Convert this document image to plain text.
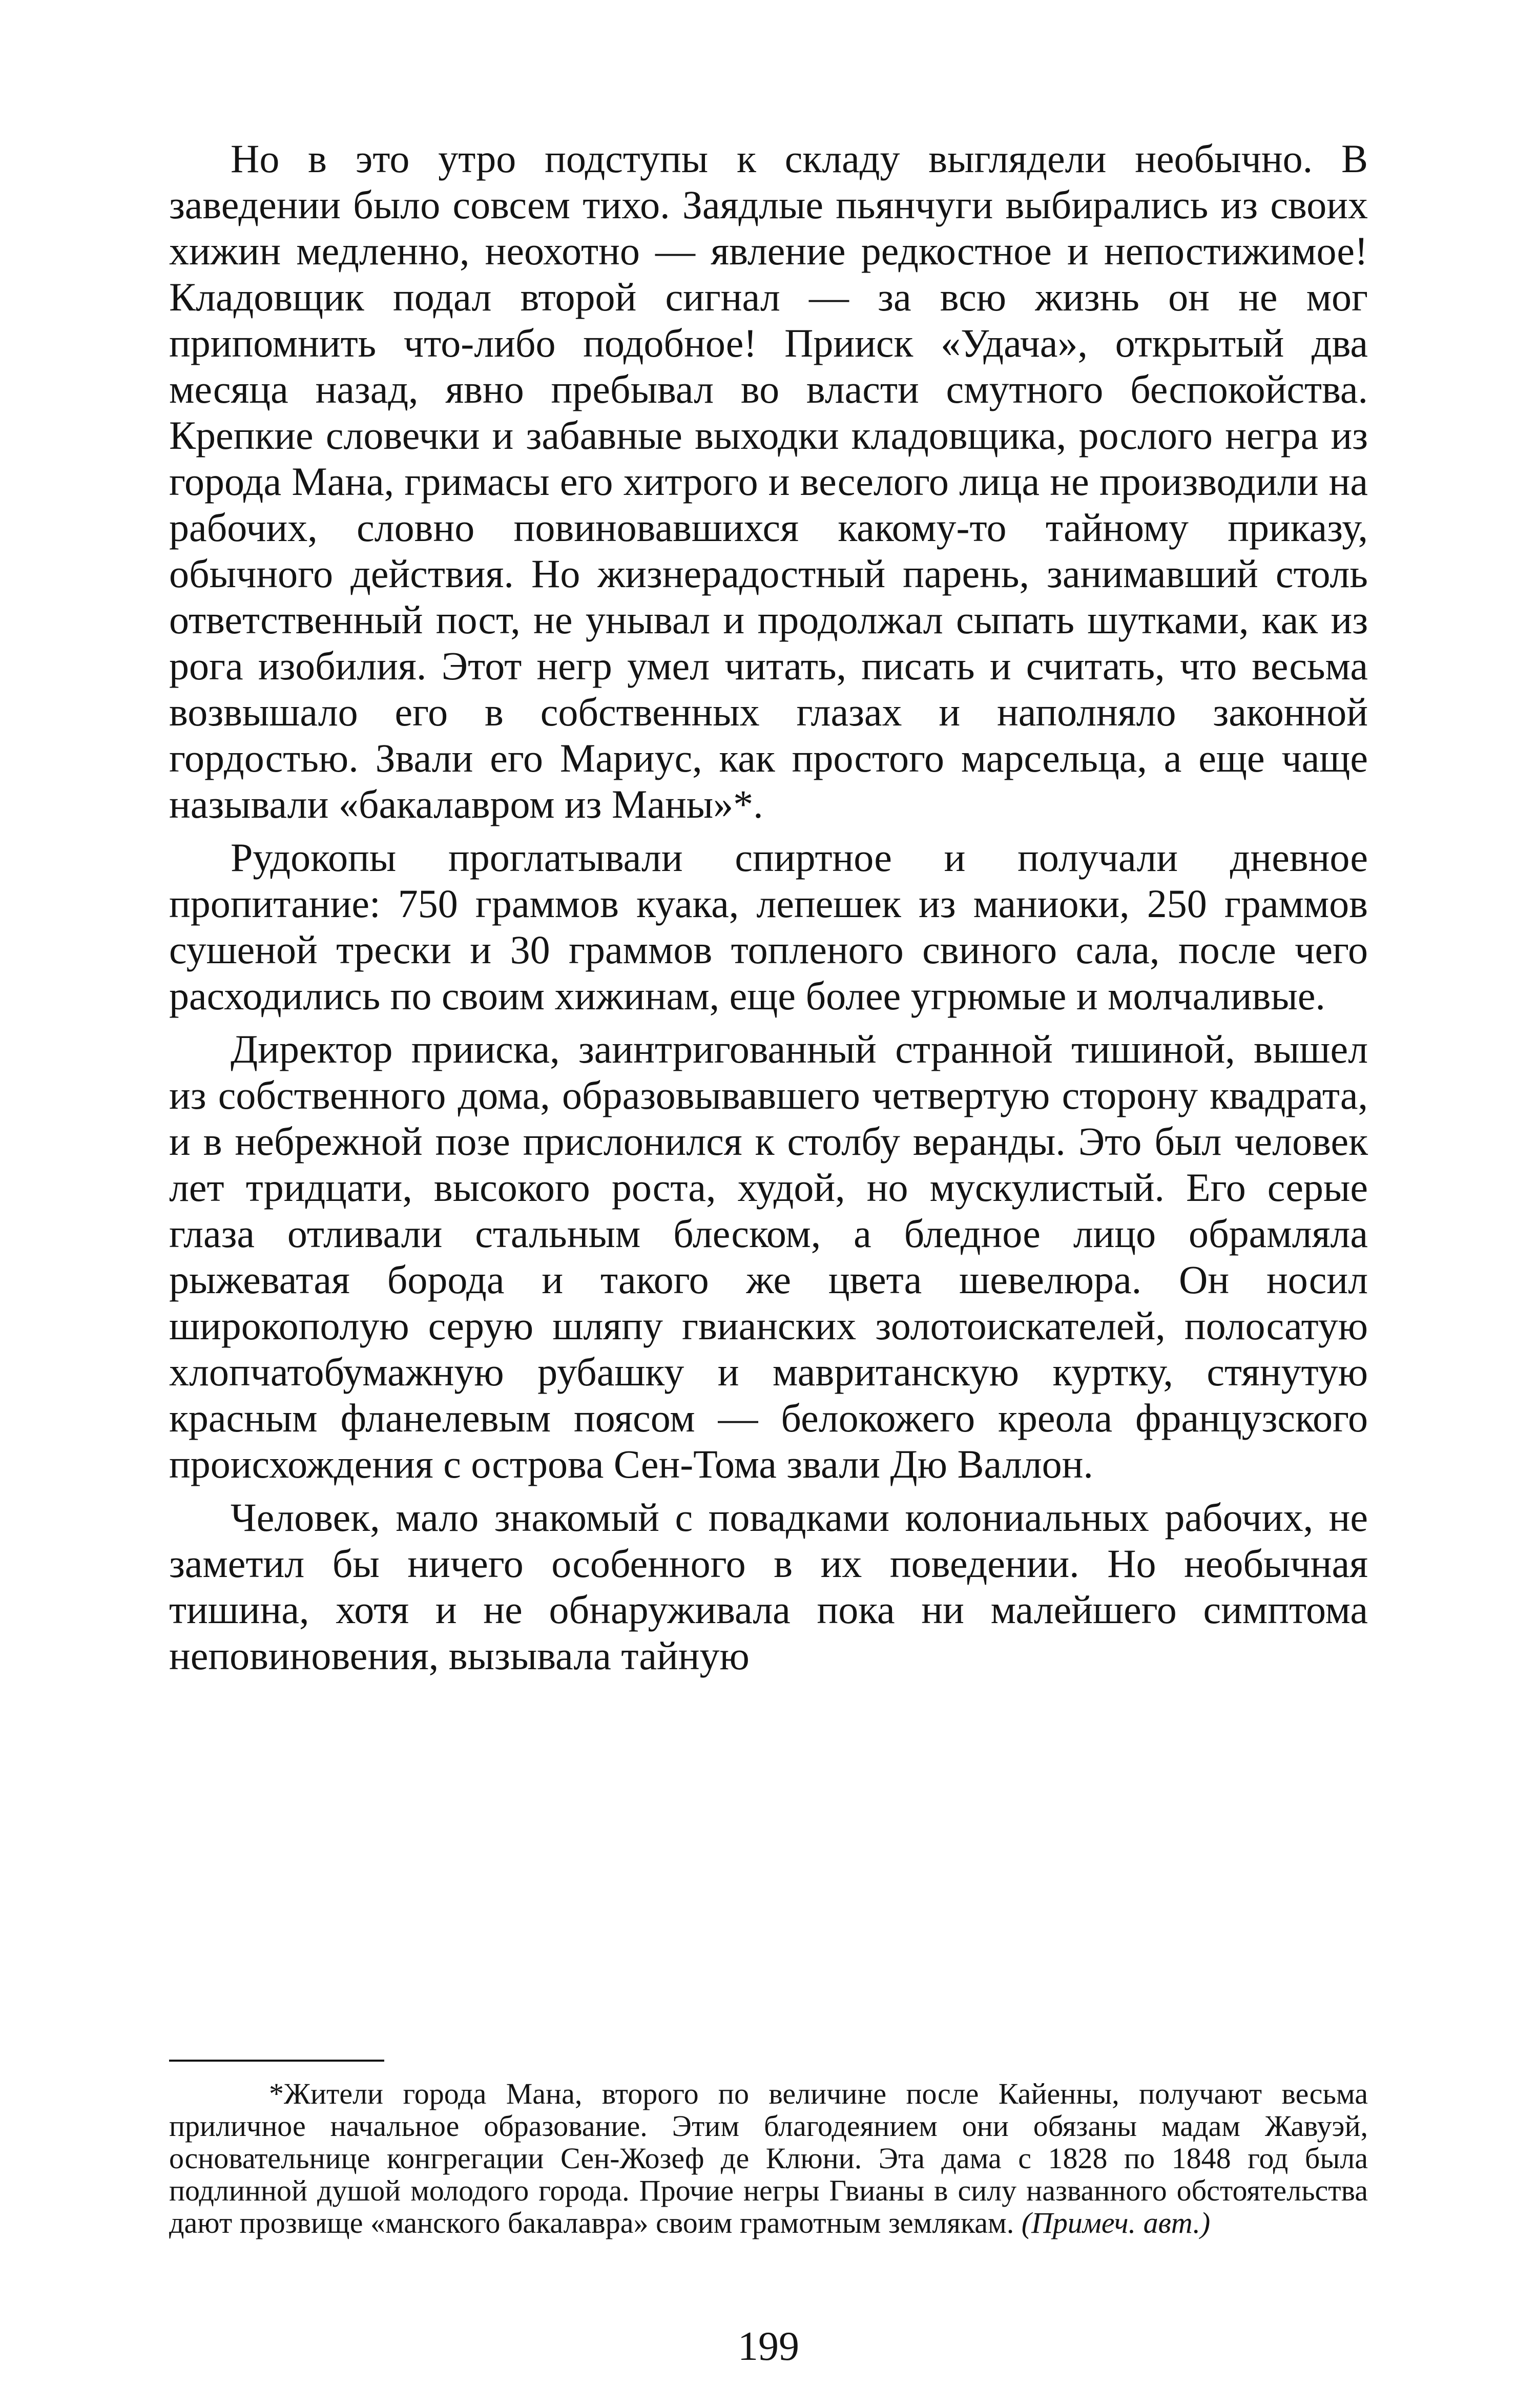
Но в это утро подступы к складу выглядели необычно. В заведении было совсем тихо. Заядлые пьянчуги выбирались из своих хижин медленно, неохотно — явление редкостное и непостижимое! Кладовщик подал второй сигнал — за всю жизнь он не мог припомнить что-либо подобное! Прииск «Удача», открытый два месяца назад, явно пребывал во власти смутного беспокойства. Крепкие словечки и забавные выходки кладовщика, рослого негра из города Мана, гримасы его хитрого и веселого лица не производили на рабочих, словно повиновавшихся какому-то тайному приказу, обычного действия. Но жизнерадостный парень, занимавший столь ответственный пост, не унывал и продолжал сыпать шутками, как из рога изобилия. Этот негр умел читать, писать и считать, что весьма возвышало его в собственных глазах и наполняло законной гордостью. Звали его Мариус, как простого марсельца, а еще чаще называли «бакалавром из Маны»*.

Рудокопы проглатывали спиртное и получали дневное пропитание: 750 граммов куака, лепешек из маниоки, 250 граммов сушеной трески и 30 граммов топленого свиного сала, после чего расходились по своим хижинам, еще более угрюмые и молчаливые.

Директор прииска, заинтригованный странной тишиной, вышел из собственного дома, образовывавшего четвертую сторону квадрата, и в небрежной позе прислонился к столбу веранды. Это был человек лет тридцати, высокого роста, худой, но мускулистый. Его серые глаза отливали стальным блеском, а бледное лицо обрамляла рыжеватая борода и такого же цвета шевелюра. Он носил широкополую серую шляпу гвианских золотоискателей, полосатую хлопчатобумажную рубашку и мавританскую куртку, стянутую красным фланелевым поясом — белокожего креола французского происхождения с острова Сен-Тома звали Дю Валлон.

Человек, мало знакомый с повадками колониальных рабочих, не заметил бы ничего особенного в их поведении. Но необычная тишина, хотя и не обнаруживала пока ни малейшего симптома неповиновения, вызывала тайную

*Жители города Мана, второго по величине после Кайенны, получают весьма приличное начальное образование. Этим благодеянием они обязаны мадам Жавуэй, основательнице конгрегации Сен-Жозеф де Клюни. Эта дама с 1828 по 1848 год была подлинной душой молодого города. Прочие негры Гвианы в силу названного обстоятельства дают прозвище «манского бакалавра» своим грамотным землякам. (Примеч. авт.)

199
